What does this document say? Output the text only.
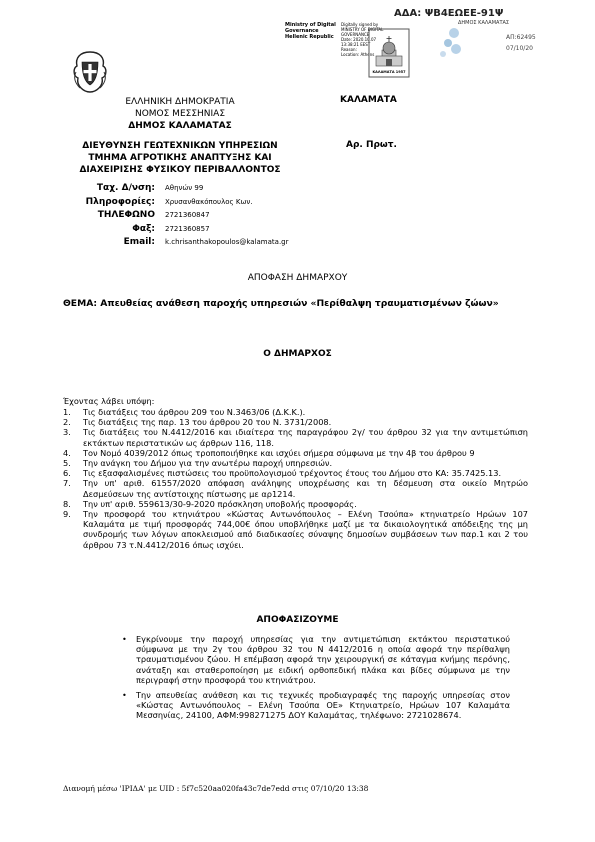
ΑΔΑ: ΨΒ4ΕΩΕΕ-91Ψ
ΔΗΜΟΣ ΚΑΛΑΜΑΤΑΣ
Ministry of Digital
Governance
Hellenic Republic
Digitally signed by
MINISTRY OF DIGITAL
GOVERNANCE
Date: 2020.10.07
13:38:21 EEST
Reason:
Location: Athens
ΚΑΛΑΜΑΤΑ 1957
ΑΠ:62495
07/10/20
ΕΛΛΗΝΙΚΗ ΔΗΜΟΚΡΑΤΙΑ
ΝΟΜΟΣ ΜΕΣΣΗΝΙΑΣ
ΔΗΜΟΣ ΚΑΛΑΜΑΤΑΣ
ΔΙΕΥΘΥΝΣΗ ΓΕΩΤΕΧΝΙΚΩΝ ΥΠΗΡΕΣΙΩΝ
ΤΜΗΜΑ ΑΓΡΟΤΙΚΗΣ ΑΝΑΠΤΥΞΗΣ ΚΑΙ
ΔΙΑΧΕΙΡΙΣΗΣ ΦΥΣΙΚΟΥ ΠΕΡΙΒΑΛΛΟΝΤΟΣ
ΚΑΛΑΜΑΤΑ
Αρ. Πρωτ.
Ταχ. Δ/νση: Αθηνών 99
Πληροφορίες: Χρυσανθακόπουλος Κων.
ΤΗΛΕΦΩΝΟ 2721360847
Φαξ: 2721360857
Email: k.chrisanthakopoulos@kalamata.gr
ΑΠΟΦΑΣΗ ΔΗΜΑΡΧΟΥ
ΘΕΜΑ: Απευθείας ανάθεση παροχής υπηρεσιών «Περίθαλψη τραυματισμένων ζώων»
Ο ΔΗΜΑΡΧΟΣ
Έχοντας λάβει υπόψη:
1. Τις διατάξεις του άρθρου 209 του Ν.3463/06 (Δ.Κ.Κ.).
2. Τις διατάξεις της παρ. 13 του άρθρου 20 του Ν. 3731/2008.
3. Τις διατάξεις του Ν.4412/2016 και ιδιαίτερα της παραγράφου 2γ/ του άρθρου 32 για την αντιμετώπιση εκτάκτων περιστατικών ως άρθρων 116, 118.
4. Τον Νομό 4039/2012 όπως τροποποιήθηκε και ισχύει σήμερα σύμφωνα με την 4β του άρθρου 9
5. Την ανάγκη του Δήμου για την ανωτέρω παροχή υπηρεσιών.
6. Τις εξασφαλισμένες πιστώσεις του προϋπολογισμού τρέχοντος έτους του Δήμου στο ΚΑ: 35.7425.13.
7. Την υπ' αριθ. 61557/2020 απόφαση ανάληψης υποχρέωσης και τη δέσμευση στα οικείο Μητρώο Δεσμεύσεων της αντίστοιχης πίστωσης με αρ1214.
8. Την υπ' αριθ. 559613/30-9-2020 πρόσκληση υποβολής προσφοράς.
9. Την προσφορά του κτηνιάτρου «Κώστας Αντωνόπουλος – Ελένη Τσούπα» κτηνιατρείο Ηρώων 107 Καλαμάτα με τιμή προσφοράς 744,00€ όπου υποβλήθηκε μαζί με τα δικαιολογητικά απόδειξης της μη συνδρομής των λόγων αποκλεισμού από διαδικασίες σύναψης δημοσίων συμβάσεων των παρ.1 και 2 του άρθρου 73 τ.Ν.4412/2016 όπως ισχύει.
ΑΠΟΦΑΣΙΖΟΥΜΕ
• Εγκρίνουμε την παροχή υπηρεσίας για την αντιμετώπιση εκτάκτου περιστατικού σύμφωνα με την 2γ του άρθρου 32 του Ν 4412/2016 η οποία αφορά την περίθαλψη τραυματισμένου ζώου. Η επέμβαση αφορά την χειρουργική σε κάταγμα κνήμης περόνης, ανάταξη και σταθεροποίηση με ειδική ορθοπεδική πλάκα και βίδες σύμφωνα με την περιγραφή στην προσφορά του κτηνιάτρου.
• Την απευθείας ανάθεση και τις τεχνικές προδιαγραφές της παροχής υπηρεσίας στον «Κώστας Αντωνόπουλος – Ελένη Τσούπα ΟΕ» Κτηνιατρείο, Ηρώων 107 Καλαμάτα Μεσσηνίας, 24100, ΑΦΜ:998271275 ΔΟΥ Καλαμάτας, τηλέφωνο: 2721028674.
Διανομή μέσω 'ΙΡΙΔΑ' με UID : 5f7c520aa020fa43c7de7edd στις 07/10/20 13:38
